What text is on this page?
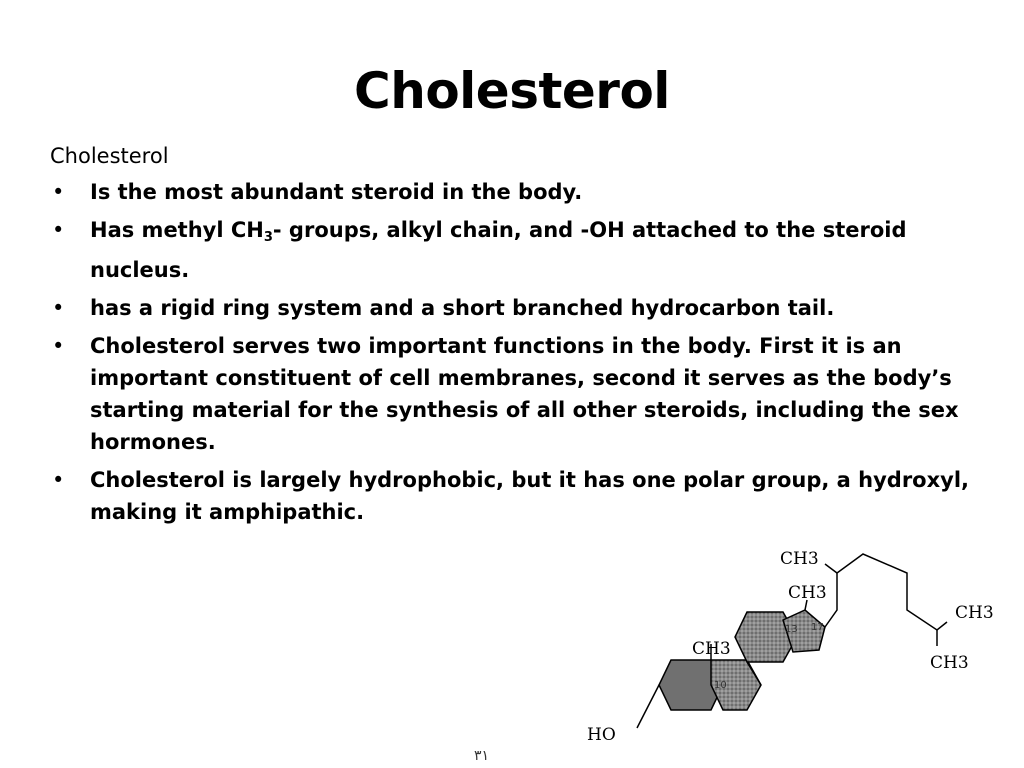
Cholesterol
Cholesterol
• Is the most abundant steroid in the body.
• Has methyl $CH_3-$ groups, alkyl chain, and -OH attached to the steroid nucleus.
• has a rigid ring system and a short branched hydrocarbon tail.
• Cholesterol serves two important functions in the body. First it is an important constituent of cell membranes, second it serves as the body’s starting material for the synthesis of all other steroids, including the sex hormones.
• Cholesterol is largely hydrophobic, but it has one polar group, a hydroxyl, making it amphipathic.
CH3
CH3
CH3
CH3
CH3
HO
10
13 17
٣١
